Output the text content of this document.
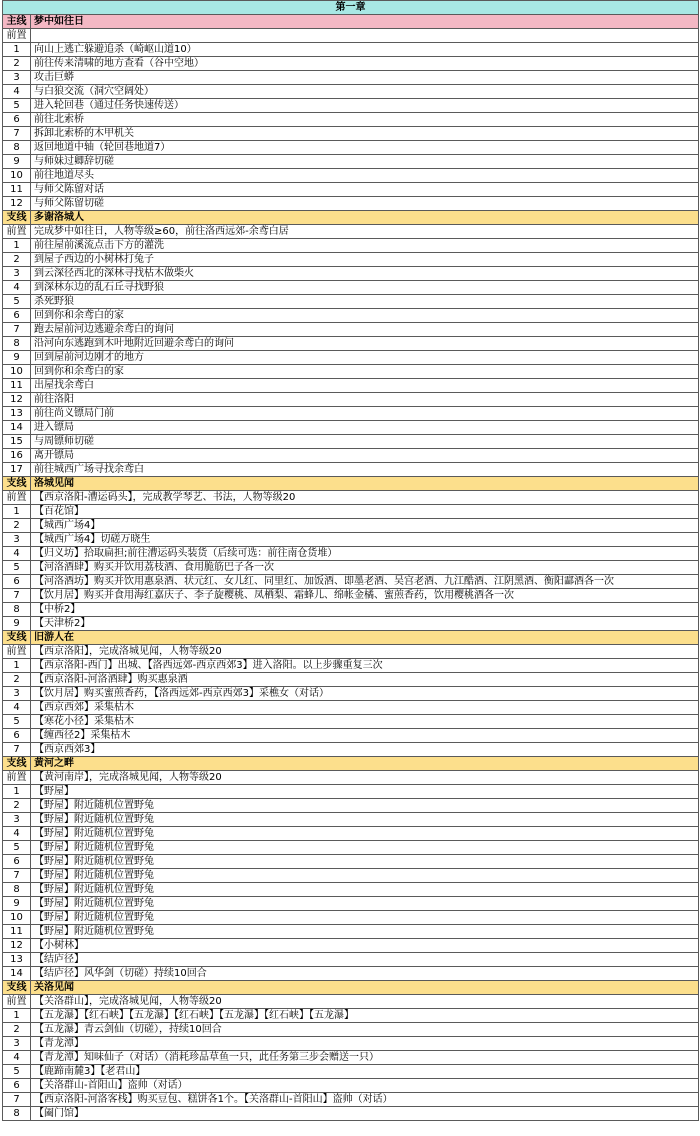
第一章	
主线	梦中如往日
前置	
1	向山上逃亡躲避追杀（崎岖山道10）
2	前往传来清啸的地方查看（谷中空地）
3	攻击巨蟒
4	与白狼交流（洞穴空阔处）
5	进入轮回巷（通过任务快速传送）
6	前往北索桥
7	拆卸北索桥的木甲机关
8	返回地道中轴（轮回巷地道7）
9	与师妹过卿辞切磋
10	前往地道尽头
11	与师父陈留对话
12	与师父陈留切磋
支线	多谢洛城人
前置	完成梦中如往日，人物等级≥60，前往洛西远郊-余鸢白居
1	前往屋前溪流点击下方的灌洗
2	到屋子西边的小树林打兔子
3	到云深径西北的深林寻找枯木做柴火
4	到深林东边的乱石丘寻找野狼
5	杀死野狼
6	回到你和余鸢白的家
7	跑去屋前河边逃避余鸢白的询问
8	沿河向东逃跑到木叶地附近回避余鸢白的询问
9	回到屋前河边刚才的地方
10	回到你和余鸢白的家
11	出屋找余鸢白
12	前往洛阳
13	前往尚义镖局门前
14	进入镖局
15	与周镖师切磋
16	离开镖局
17	前往城西广场寻找余鸢白
支线	洛城见闻
前置	【西京洛阳-漕运码头】，完成教学琴艺、书法，人物等级20
1	【百花馆】
2	【城西广场4】
3	【城西广场4】切磋万晓生
4	【归义坊】拾取扁担;前往漕运码头装货（后续可选：前往南仓货堆）
5	【河洛酒肆】购买并饮用荔枝酒、食用脆筋巴子各一次
6	【河洛酒坊】购买并饮用惠泉酒、状元红、女儿红、同里红、加饭酒、即墨老酒、吴宫老酒、九江酷酒、江阴黑酒、衡阳酃酒各一次
7	【饮月居】购买并食用海红嘉庆子、李子旋樱桃、凤栖梨、霜蜂儿、绵帐金橘、蜜煎香药，饮用樱桃酒各一次
8	【中桥2】
9	【天津桥2】
支线	旧游人在
前置	【西京洛阳】，完成洛城见闻，人物等级20
1	【西京洛阳-西门】出城、【洛西远郊-西京西郊3】进入洛阳。以上步骤重复三次
2	【西京洛阳-河洛酒肆】购买惠泉酒
3	【饮月居】购买蜜煎香药，【洛西远郊-西京西郊3】采樵女（对话）
4	【西京西郊】采集枯木
5	【寒花小径】采集枯木
6	【缠西径2】采集枯木
7	【西京西郊3】
支线	黄河之畔
前置	【黄河南岸】，完成洛城见闻，人物等级20
1	【野屋】
2	【野屋】附近随机位置野兔
3	【野屋】附近随机位置野兔
4	【野屋】附近随机位置野兔
5	【野屋】附近随机位置野兔
6	【野屋】附近随机位置野兔
7	【野屋】附近随机位置野兔
8	【野屋】附近随机位置野兔
9	【野屋】附近随机位置野兔
10	【野屋】附近随机位置野兔
11	【野屋】附近随机位置野兔
12	【小树林】
13	【结庐径】
14	【结庐径】风华剑（切磋）持续10回合
支线	关洛见闻
前置	【关洛群山】，完成洛城见闻，人物等级20
1	【五龙瀑】【红石峡】【五龙瀑】【红石峡】【五龙瀑】【红石峡】【五龙瀑】
2	【五龙瀑】青云剑仙（切磋），持续10回合
3	【青龙潭】
4	【青龙潭】知味仙子（对话）（消耗珍品草鱼一只，此任务第三步会赠送一只）
5	【鹿蹄南麓3】【老君山】
6	【关洛群山-首阳山】盗帅（对话）
7	【西京洛阳-河洛客栈】购买豆包、糕饼各1个。【关洛群山-首阳山】盗帅（对话）
8	【阖门馆】
